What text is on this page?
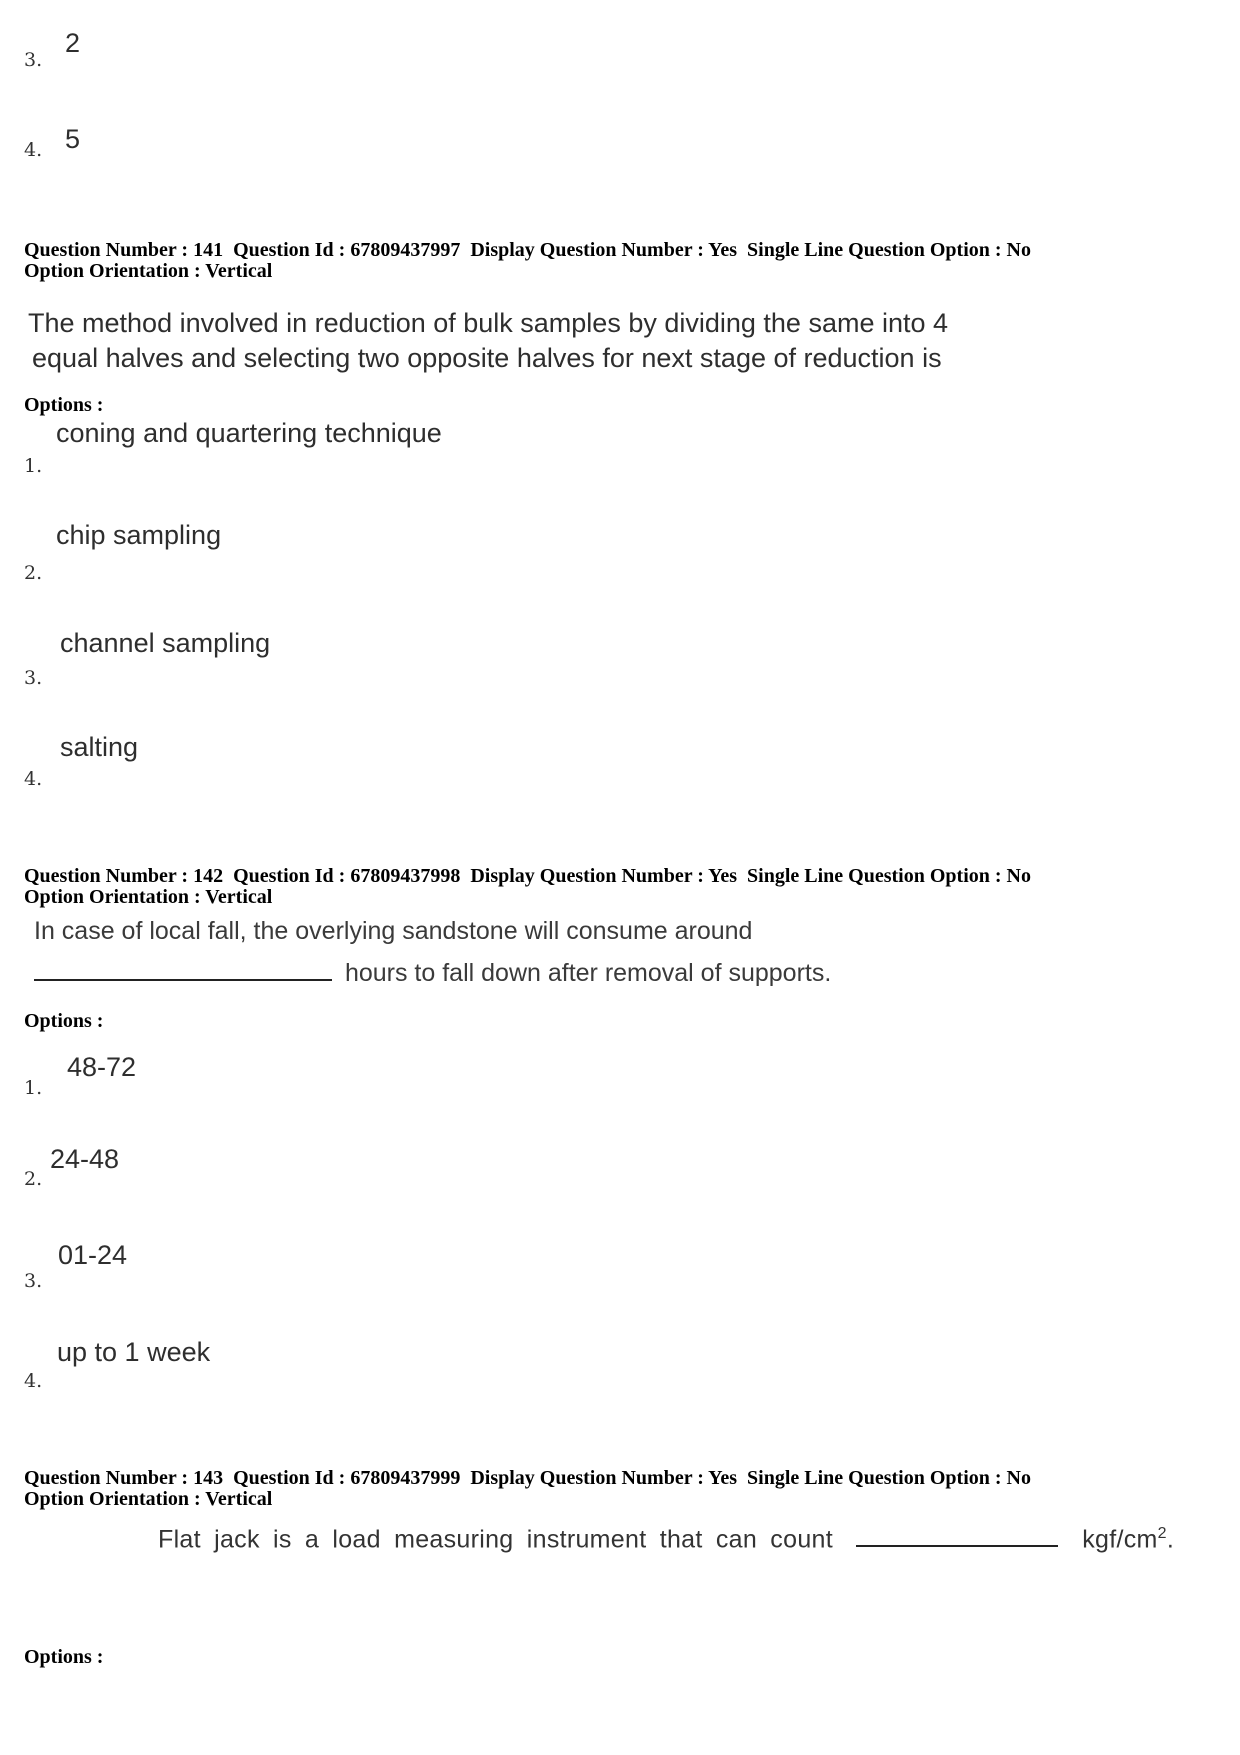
3.
2
4. 5
Question Number : 141 Question Id : 67809437997 Display Question Number : Yes Single Line Question Option : No  Option Orientation : Vertical
The method involved in reduction of bulk samples by dividing the same into 4
equal halves and selecting two opposite halves for next stage of reduction is
Options :
coning and quartering technique
1.
chip sampling
2.
channel sampling
3.
salting
4.
Question Number : 142 Question Id : 67809437998 Display Question Number : Yes Single Line Question Option : No  Option Orientation : Vertical
In case of local fall, the overlying sandstone will consume around
hours to fall down after removal of supports.
Options :
48-72
1.
24-48
2.
01-24
3.
up to 1 week
4.
Question Number : 143 Question Id : 67809437999 Display Question Number : Yes Single Line Question Option : No  Option Orientation : Vertical
Flat jack is a load measuring instrument that can count	kgf/$cm^2$.
Options :
